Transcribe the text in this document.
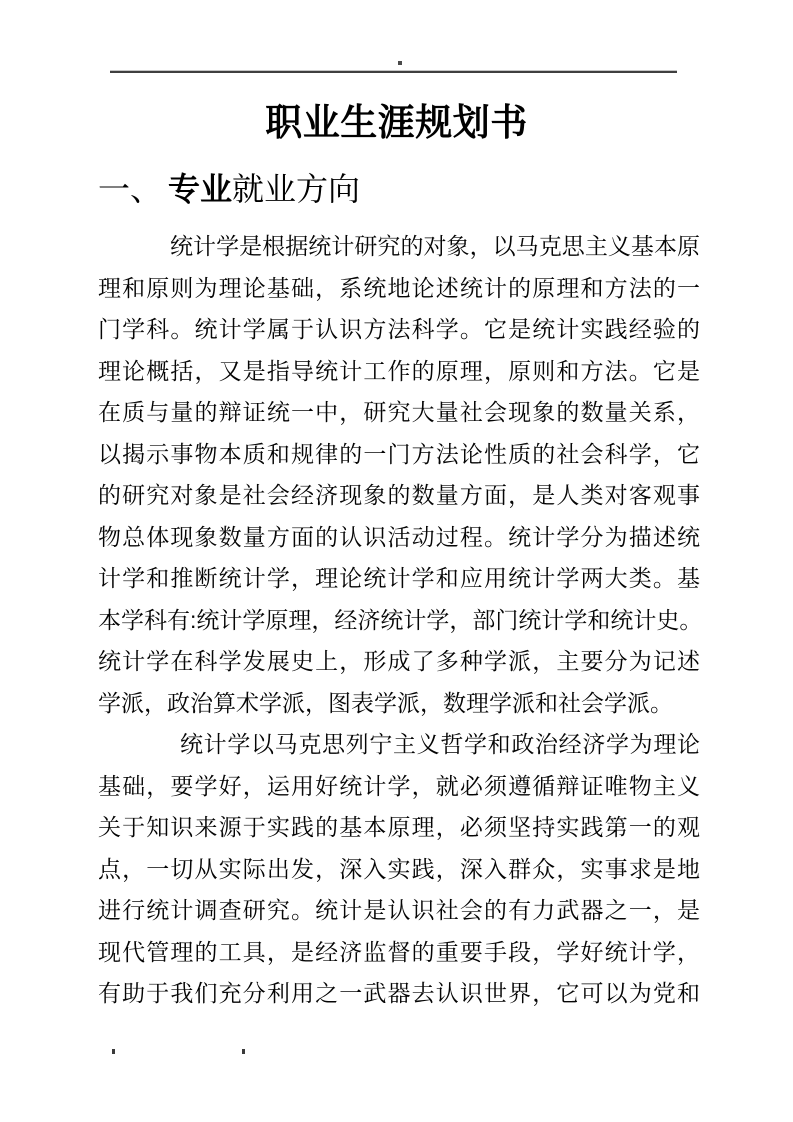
职业生涯规划书
一、 专业就业方向
统计学是根据统计研究的对象，以马克思主义基本原
理和原则为理论基础，系统地论述统计的原理和方法的一
门学科。统计学属于认识方法科学。它是统计实践经验的
理论概括，又是指导统计工作的原理，原则和方法。它是
在质与量的辩证统一中，研究大量社会现象的数量关系，
以揭示事物本质和规律的一门方法论性质的社会科学，它
的研究对象是社会经济现象的数量方面，是人类对客观事
物总体现象数量方面的认识活动过程。统计学分为描述统
计学和推断统计学，理论统计学和应用统计学两大类。基
本学科有:统计学原理，经济统计学，部门统计学和统计史。
统计学在科学发展史上，形成了多种学派，主要分为记述
学派，政治算术学派，图表学派，数理学派和社会学派。
统计学以马克思列宁主义哲学和政治经济学为理论
基础，要学好，运用好统计学，就必须遵循辩证唯物主义
关于知识来源于实践的基本原理，必须坚持实践第一的观
点，一切从实际出发，深入实践，深入群众，实事求是地
进行统计调查研究。统计是认识社会的有力武器之一，是
现代管理的工具，是经济监督的重要手段，学好统计学，
有助于我们充分利用之一武器去认识世界，它可以为党和
